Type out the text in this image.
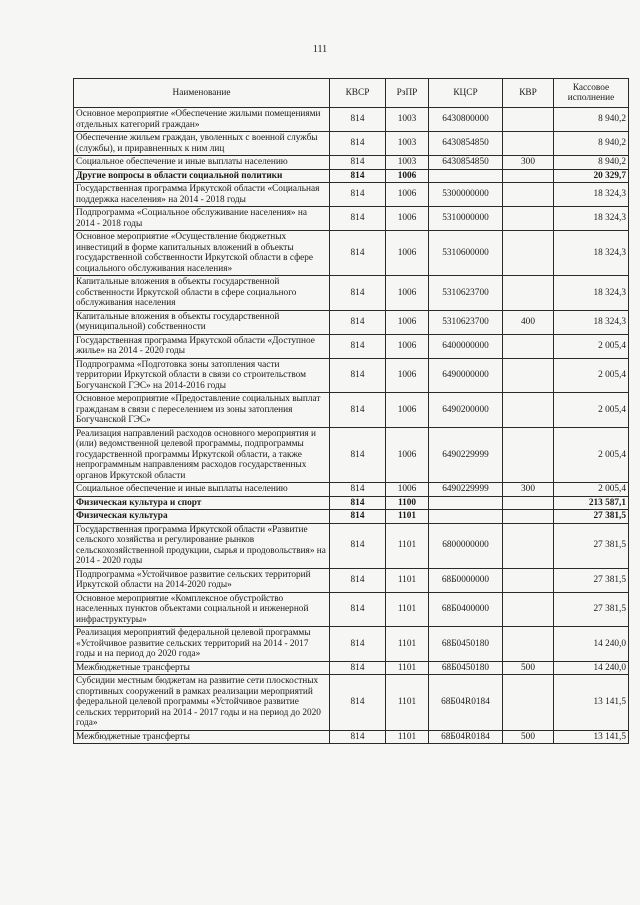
111
Наименование	КВСР	РзПР	КЦСР	КВР	Кассовое исполнение
Основное мероприятие «Обеспечение жилыми помещениями отдельных категорий граждан»	814	1003	6430800000		8 940,2
Обеспечение жильем граждан, уволенных с военной службы (службы), и приравненных к ним лиц	814	1003	6430854850		8 940,2
Социальное обеспечение и иные выплаты населению	814	1003	6430854850	300	8 940,2
Другие вопросы в области социальной политики	814	1006			20 329,7
Государственная программа Иркутской области «Социальная поддержка населения» на 2014 - 2018 годы	814	1006	5300000000		18 324,3
Подпрограмма «Социальное обслуживание населения» на 2014 - 2018 годы	814	1006	5310000000		18 324,3
Основное мероприятие «Осуществление бюджетных инвестиций в форме капитальных вложений в объекты государственной собственности Иркутской области в сфере социального обслуживания населения»	814	1006	5310600000		18 324,3
Капитальные вложения в объекты государственной собственности Иркутской области в сфере социального обслуживания населения	814	1006	5310623700		18 324,3
Капитальные вложения в объекты государственной (муниципальной) собственности	814	1006	5310623700	400	18 324,3
Государственная программа Иркутской области «Доступное жилье» на 2014 - 2020 годы	814	1006	6400000000		2 005,4
Подпрограмма «Подготовка зоны затопления части территории Иркутской области в связи со строительством Богучанской ГЭС» на 2014-2016 годы	814	1006	6490000000		2 005,4
Основное мероприятие «Предоставление социальных выплат гражданам в связи с переселением из зоны затопления Богучанской ГЭС»	814	1006	6490200000		2 005,4
Реализация направлений расходов основного мероприятия и (или) ведомственной целевой программы, подпрограммы государственной программы Иркутской области, а также непрограммным направлениям расходов государственных органов Иркутской области	814	1006	6490229999		2 005,4
Социальное обеспечение и иные выплаты населению	814	1006	6490229999	300	2 005,4
Физическая культура и спорт	814	1100			213 587,1
Физическая культура	814	1101			27 381,5
Государственная программа Иркутской области «Развитие сельского хозяйства и регулирование рынков сельскохозяйственной продукции, сырья и продовольствия» на 2014 - 2020 годы	814	1101	6800000000		27 381,5
Подпрограмма «Устойчивое развитие сельских территорий Иркутской области на 2014-2020 годы»	814	1101	68Б0000000		27 381,5
Основное мероприятие «Комплексное обустройство населенных пунктов объектами социальной и инженерной инфраструктуры»	814	1101	68Б0400000		27 381,5
Реализация мероприятий федеральной целевой программы «Устойчивое развитие сельских территорий на 2014 - 2017 годы и на период до 2020 года»	814	1101	68Б0450180		14 240,0
Межбюджетные трансферты	814	1101	68Б0450180	500	14 240,0
Субсидии местным бюджетам на развитие сети плоскостных спортивных сооружений в рамках реализации мероприятий федеральной целевой программы «Устойчивое развитие сельских территорий на 2014 - 2017 годы и на период до 2020 года»	814	1101	68Б04R0184		13 141,5
Межбюджетные трансферты	814	1101	68Б04R0184	500	13 141,5
